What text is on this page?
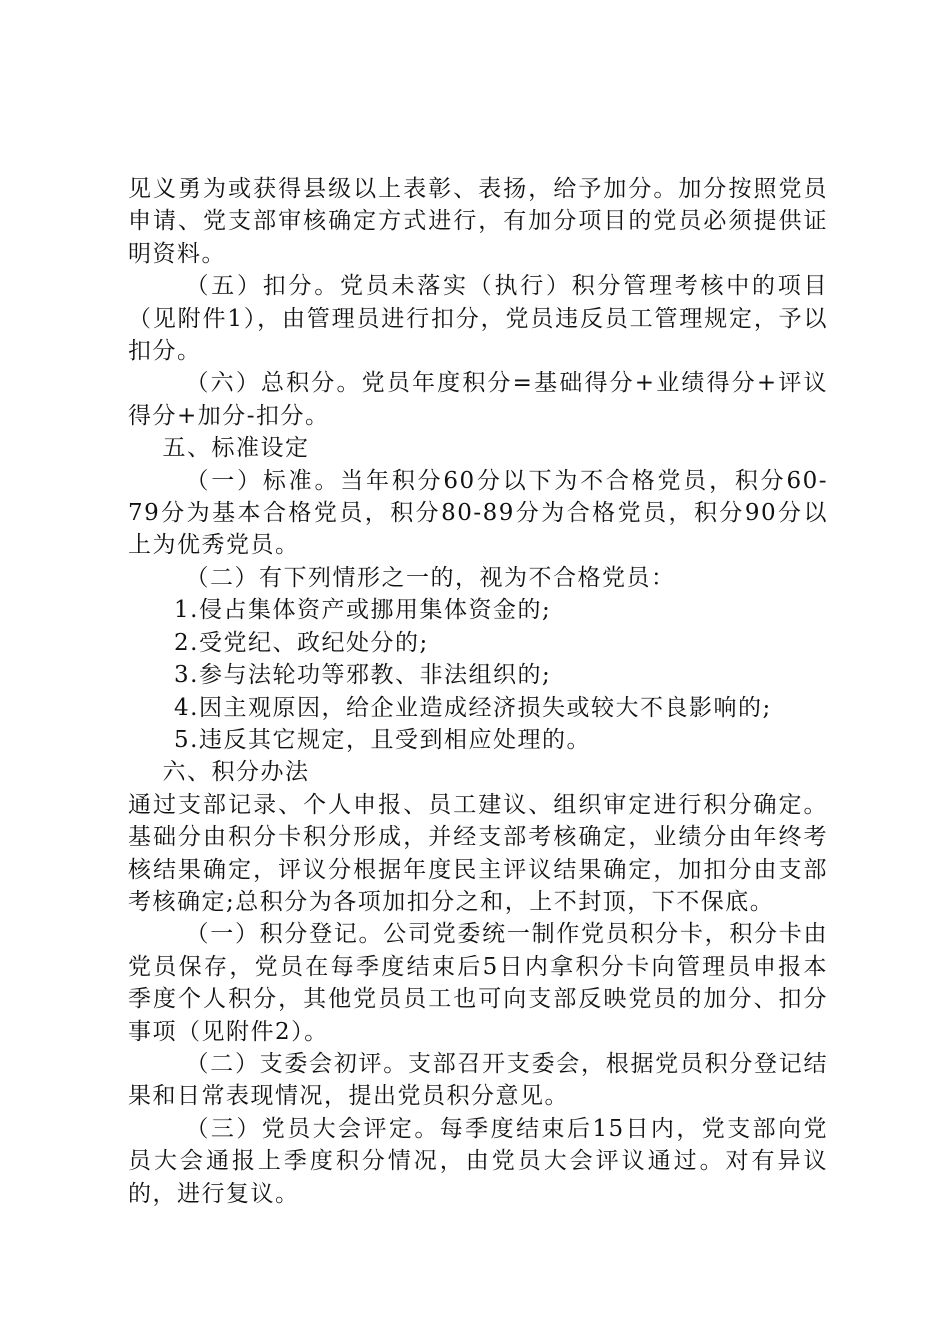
见义勇为或获得县级以上表彰、表扬，给予加分。加分按照党员申请、党支部审核确定方式进行，有加分项目的党员必须提供证明资料。

（五）扣分。党员未落实（执行）积分管理考核中的项目（见附件1），由管理员进行扣分，党员违反员工管理规定，予以扣分。

（六）总积分。党员年度积分=基础得分+业绩得分+评议得分+加分-扣分。

五、标准设定

（一）标准。当年积分60分以下为不合格党员，积分60-79分为基本合格党员，积分80-89分为合格党员，积分90分以上为优秀党员。

（二）有下列情形之一的，视为不合格党员：

1.侵占集体资产或挪用集体资金的;

2.受党纪、政纪处分的;

3.参与法轮功等邪教、非法组织的;

4.因主观原因，给企业造成经济损失或较大不良影响的;

5.违反其它规定，且受到相应处理的。

六、积分办法

通过支部记录、个人申报、员工建议、组织审定进行积分确定。基础分由积分卡积分形成，并经支部考核确定，业绩分由年终考核结果确定，评议分根据年度民主评议结果确定，加扣分由支部考核确定;总积分为各项加扣分之和，上不封顶，下不保底。

（一）积分登记。公司党委统一制作党员积分卡，积分卡由党员保存，党员在每季度结束后5日内拿积分卡向管理员申报本季度个人积分，其他党员员工也可向支部反映党员的加分、扣分事项（见附件2）。

（二）支委会初评。支部召开支委会，根据党员积分登记结果和日常表现情况，提出党员积分意见。

（三）党员大会评定。每季度结束后15日内，党支部向党员大会通报上季度积分情况，由党员大会评议通过。对有异议的，进行复议。
